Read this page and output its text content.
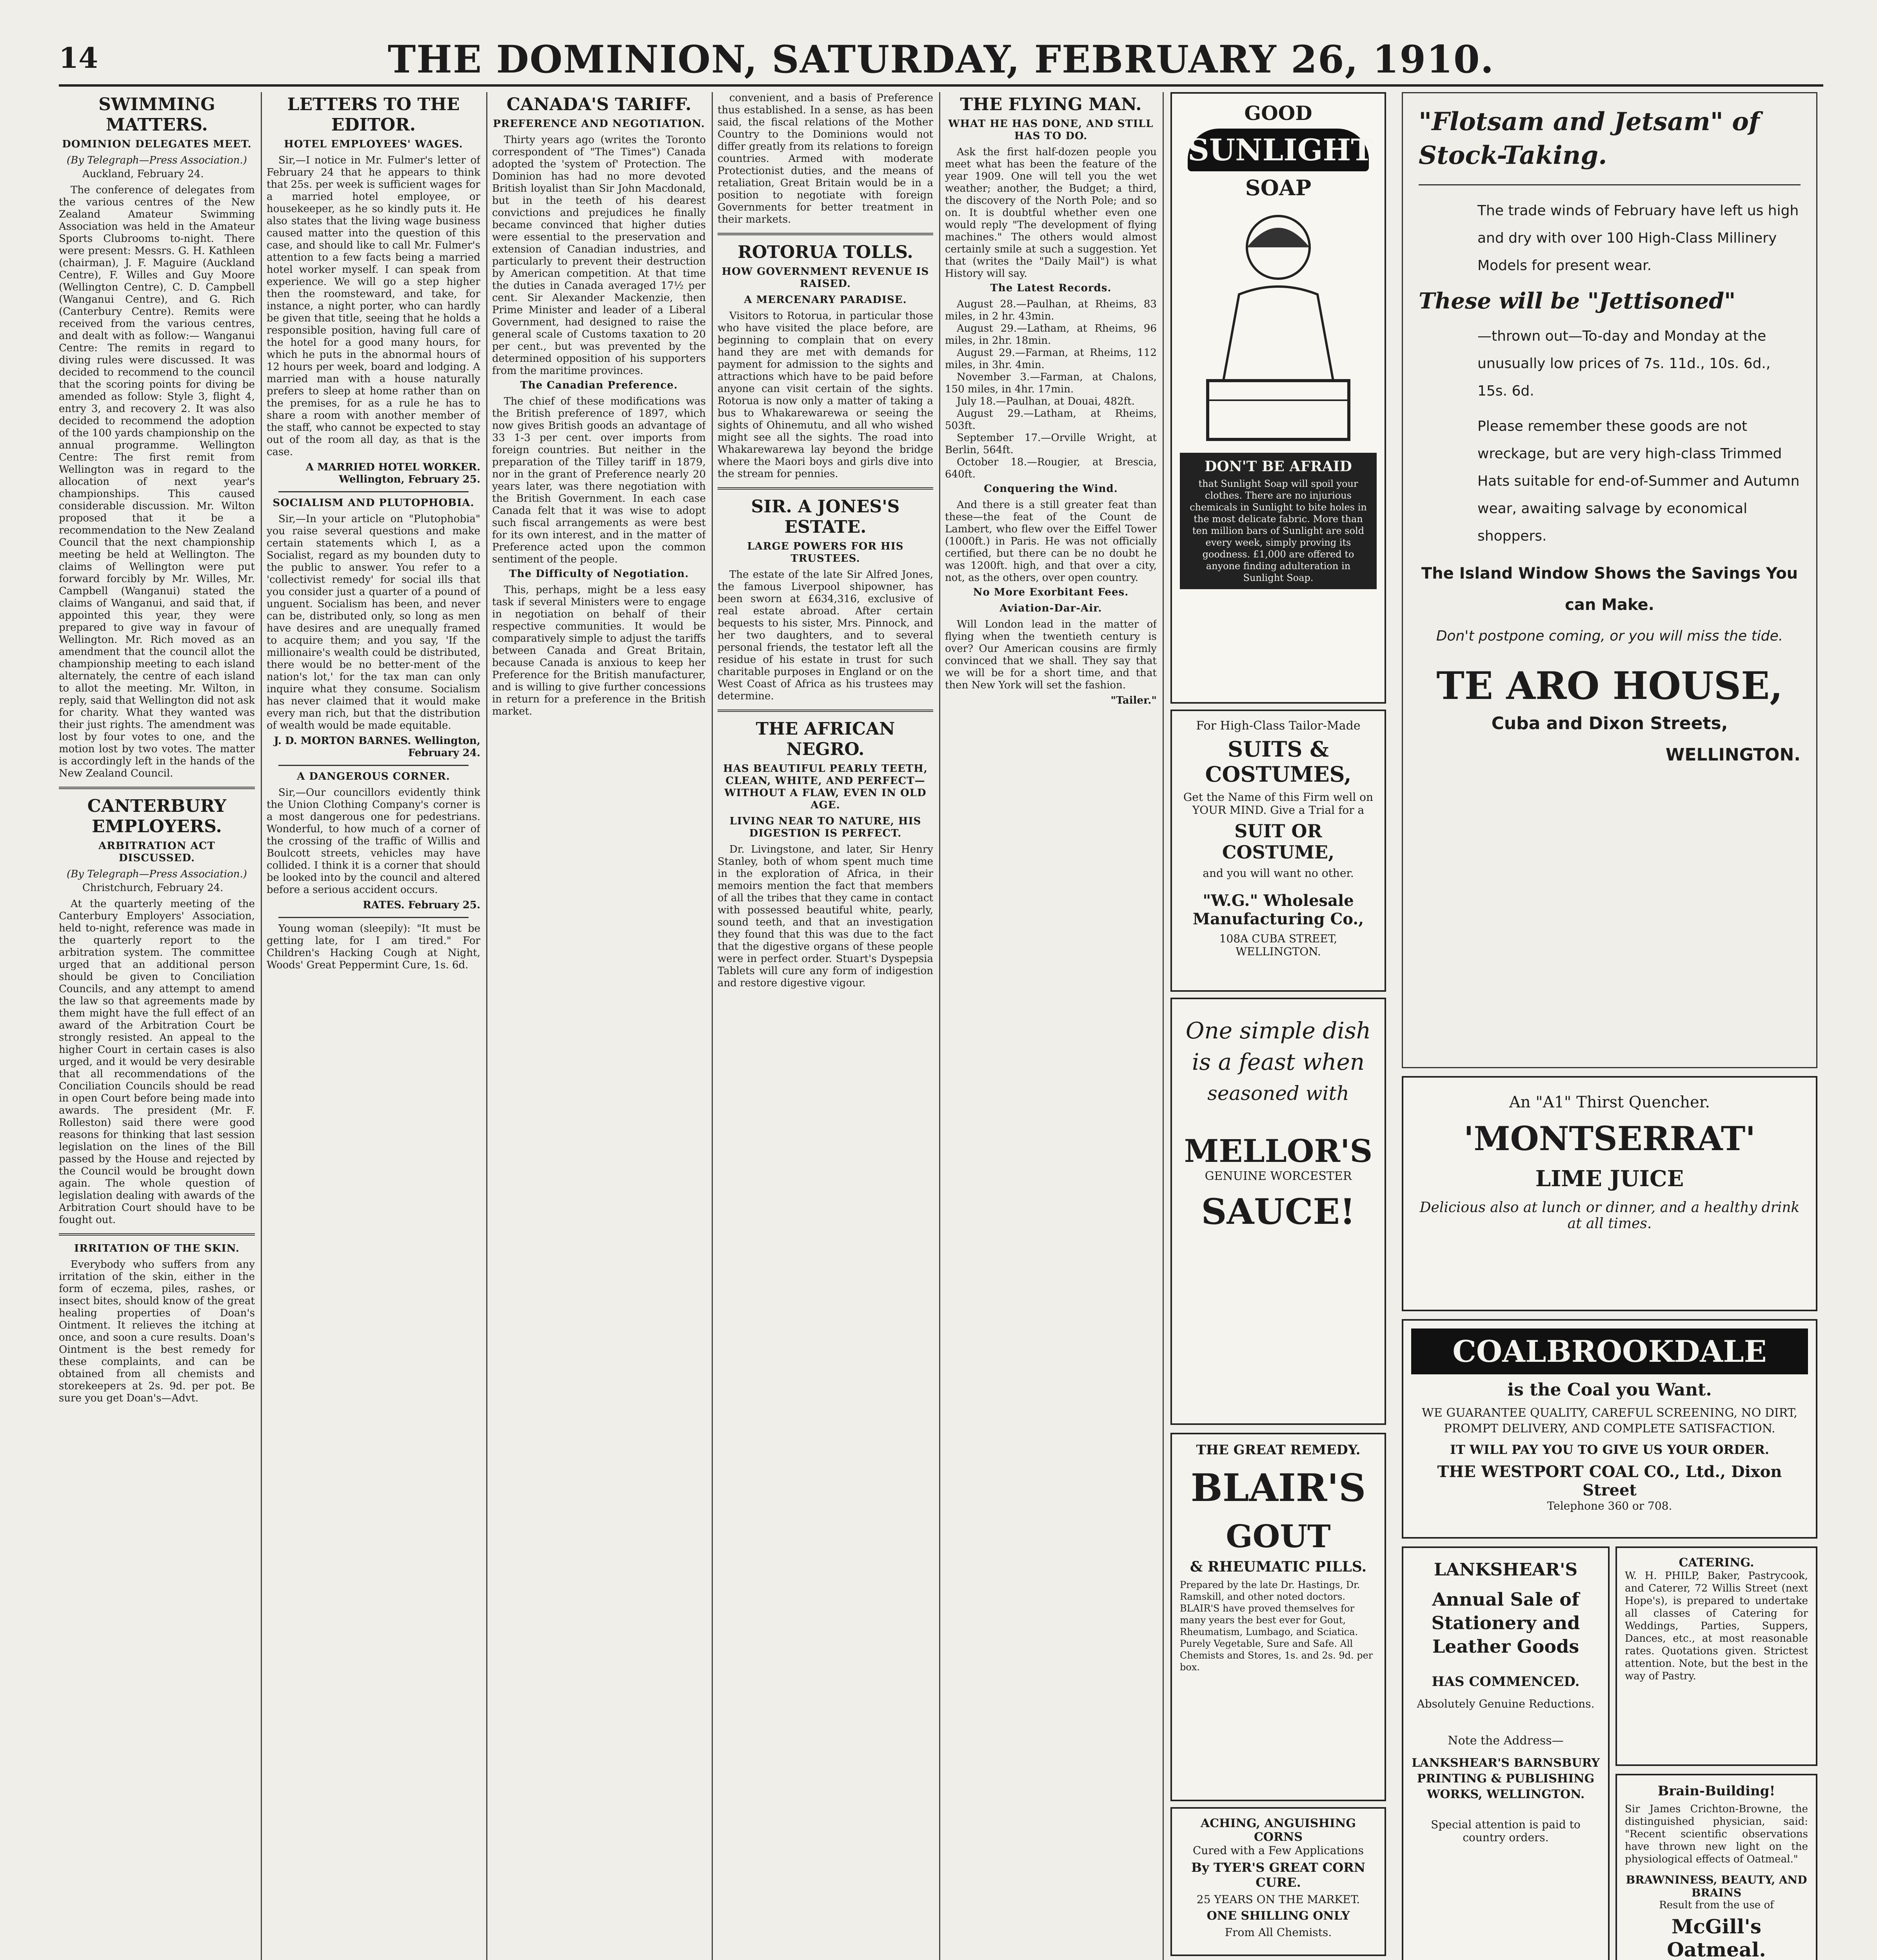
14	THE DOMINION, SATURDAY, FEBRUARY 26, 1910.
SWIMMING MATTERS.
DOMINION DELEGATES MEET.
(By Telegraph—Press Association.)
Auckland, February 24.
The conference of delegates from the various centres of the New Zealand Amateur Swimming Association was held in the Amateur Sports Clubrooms to-night. There were present: Messrs. G. H. Kathleen (chairman), J. F. Maguire (Auckland Centre), F. Willes and Guy Moore (Wellington Centre), C. D. Campbell (Wanganui Centre), and G. Rich (Canterbury Centre). Remits were received from the various centres, and dealt with as follow:— Wanganui Centre: The remits in regard to diving rules were discussed. It was decided to recommend to the council that the scoring points for diving be amended as follow: Style 3, flight 4, entry 3, and recovery 2. It was also decided to recommend the adoption of the 100 yards championship on the annual programme. Wellington Centre: The first remit from Wellington was in regard to the allocation of next year's championships. This caused considerable discussion. Mr. Wilton proposed that it be a recommendation to the New Zealand Council that the next championship meeting be held at Wellington. The claims of Wellington were put forward forcibly by Mr. Willes, Mr. Campbell (Wanganui) stated the claims of Wanganui, and said that, if appointed this year, they were prepared to give way in favour of Wellington. Mr. Rich moved as an amendment that the council allot the championship meeting to each island alternately, the centre of each island to allot the meeting. Mr. Wilton, in reply, said that Wellington did not ask for charity. What they wanted was their just rights. The amendment was lost by four votes to one, and the motion lost by two votes. The matter is accordingly left in the hands of the New Zealand Council.
CANTERBURY EMPLOYERS.
ARBITRATION ACT DISCUSSED.
(By Telegraph—Press Association.)
Christchurch, February 24.
At the quarterly meeting of the Canterbury Employers' Association, held to-night, reference was made in the quarterly report to the arbitration system. The committee urged that an additional person should be given to Conciliation Councils, and any attempt to amend the law so that agreements made by them might have the full effect of an award of the Arbitration Court be strongly resisted. An appeal to the higher Court in certain cases is also urged, and it would be very desirable that all recommendations of the Conciliation Councils should be read in open Court before being made into awards. The president (Mr. F. Rolleston) said there were good reasons for thinking that last session legislation on the lines of the Bill passed by the House and rejected by the Council would be brought down again. The whole question of legislation dealing with awards of the Arbitration Court should have to be fought out.
IRRITATION OF THE SKIN.
Everybody who suffers from any irritation of the skin, either in the form of eczema, piles, rashes, or insect bites, should know of the great healing properties of Doan's Ointment. It relieves the itching at once, and soon a cure results. Doan's Ointment is the best remedy for these complaints, and can be obtained from all chemists and storekeepers at 2s. 9d. per pot. Be sure you get Doan's—Advt.
LETTERS TO THE EDITOR.
HOTEL EMPLOYEES' WAGES.
Sir,—I notice in Mr. Fulmer's letter of February 24 that he appears to think that 25s. per week is sufficient wages for a married hotel employee, or housekeeper, as he so kindly puts it. He also states that the living wage business caused matter into the question of this case, and should like to call Mr. Fulmer's attention to a few facts being a married hotel worker myself. I can speak from experience. We will go a step higher then the roomsteward, and take, for instance, a night porter, who can hardly be given that title, seeing that he holds a responsible position, having full care of the hotel for a good many hours, for which he puts in the abnormal hours of 12 hours per week, board and lodging. A married man with a house naturally prefers to sleep at home rather than on the premises, for as a rule he has to share a room with another member of the staff, who cannot be expected to stay out of the room all day, as that is the case.
A MARRIED HOTEL WORKER. Wellington, February 25.
SOCIALISM AND PLUTOPHOBIA.
Sir,—In your article on "Plutophobia" you raise several questions and make certain statements which I, as a Socialist, regard as my bounden duty to the public to answer. You refer to a 'collectivist remedy' for social ills that you consider just a quarter of a pound of unguent. Socialism has been, and never can be, distributed only, so long as men have desires and are unequally framed to acquire them; and you say, 'If the millionaire's wealth could be distributed, there would be no better-ment of the nation's lot,' for the tax man can only inquire what they consume. Socialism has never claimed that it would make every man rich, but that the distribution of wealth would be made equitable.
J. D. MORTON BARNES. Wellington, February 24.
A DANGEROUS CORNER.
Sir,—Our councillors evidently think the Union Clothing Company's corner is a most dangerous one for pedestrians. Wonderful, to how much of a corner of the crossing of the traffic of Willis and Boulcott streets, vehicles may have collided. I think it is a corner that should be looked into by the council and altered before a serious accident occurs.
RATES. February 25.
Young woman (sleepily): "It must be getting late, for I am tired." For Children's Hacking Cough at Night, Woods' Great Peppermint Cure, 1s. 6d.
CANADA'S TARIFF.
PREFERENCE AND NEGOTIATION.
Thirty years ago (writes the Toronto correspondent of "The Times") Canada adopted the 'system of' Protection. The Dominion has had no more devoted British loyalist than Sir John Macdonald, but in the teeth of his dearest convictions and prejudices he finally became convinced that higher duties were essential to the preservation and extension of Canadian industries, and particularly to prevent their destruction by American competition. At that time the duties in Canada averaged 17½ per cent. Sir Alexander Mackenzie, then Prime Minister and leader of a Liberal Government, had designed to raise the general scale of Customs taxation to 20 per cent., but was prevented by the determined opposition of his supporters from the maritime provinces.
The Canadian Preference.
The chief of these modifications was the British preference of 1897, which now gives British goods an advantage of 33 1-3 per cent. over imports from foreign countries. But neither in the preparation of the Tilley tariff in 1879, nor in the grant of Preference nearly 20 years later, was there negotiation with the British Government. In each case Canada felt that it was wise to adopt such fiscal arrangements as were best for its own interest, and in the matter of Preference acted upon the common sentiment of the people.
The Difficulty of Negotiation.
This, perhaps, might be a less easy task if several Ministers were to engage in negotiation on behalf of their respective communities. It would be comparatively simple to adjust the tariffs between Canada and Great Britain, because Canada is anxious to keep her Preference for the British manufacturer, and is willing to give further concessions in return for a preference in the British market.
convenient, and a basis of Preference thus established. In a sense, as has been said, the fiscal relations of the Mother Country to the Dominions would not differ greatly from its relations to foreign countries. Armed with moderate Protectionist duties, and the means of retaliation, Great Britain would be in a position to negotiate with foreign Governments for better treatment in their markets.
ROTORUA TOLLS.
HOW GOVERNMENT REVENUE IS RAISED.
A MERCENARY PARADISE.
Visitors to Rotorua, in particular those who have visited the place before, are beginning to complain that on every hand they are met with demands for payment for admission to the sights and attractions which have to be paid before anyone can visit certain of the sights. Rotorua is now only a matter of taking a bus to Whakarewarewa or seeing the sights of Ohinemutu, and all who wished might see all the sights. The road into Whakarewarewa lay beyond the bridge where the Maori boys and girls dive into the stream for pennies.
SIR. A JONES'S ESTATE.
LARGE POWERS FOR HIS TRUSTEES.
The estate of the late Sir Alfred Jones, the famous Liverpool shipowner, has been sworn at £634,316, exclusive of real estate abroad. After certain bequests to his sister, Mrs. Pinnock, and her two daughters, and to several personal friends, the testator left all the residue of his estate in trust for such charitable purposes in England or on the West Coast of Africa as his trustees may determine.
THE AFRICAN NEGRO.
HAS BEAUTIFUL PEARLY TEETH, CLEAN, WHITE, AND PERFECT—WITHOUT A FLAW, EVEN IN OLD AGE.
LIVING NEAR TO NATURE, HIS DIGESTION IS PERFECT.
Dr. Livingstone, and later, Sir Henry Stanley, both of whom spent much time in the exploration of Africa, in their memoirs mention the fact that members of all the tribes that they came in contact with possessed beautiful white, pearly, sound teeth, and that an investigation they found that this was due to the fact that the digestive organs of these people were in perfect order. Stuart's Dyspepsia Tablets will cure any form of indigestion and restore digestive vigour.
THE FLYING MAN.
WHAT HE HAS DONE, AND STILL HAS TO DO.
Ask the first half-dozen people you meet what has been the feature of the year 1909. One will tell you the wet weather; another, the Budget; a third, the discovery of the North Pole; and so on. It is doubtful whether even one would reply "The development of flying machines." The others would almost certainly smile at such a suggestion. Yet that (writes the "Daily Mail") is what History will say.
The Latest Records.
August 28.—Paulhan, at Rheims, 83 miles, in 2 hr. 43min.
August 29.—Latham, at Rheims, 96 miles, in 2hr. 18min.
August 29.—Farman, at Rheims, 112 miles, in 3hr. 4min.
November 3.—Farman, at Chalons, 150 miles, in 4hr. 17min.
July 18.—Paulhan, at Douai, 482ft.
August 29.—Latham, at Rheims, 503ft.
September 17.—Orville Wright, at Berlin, 564ft.
October 18.—Rougier, at Brescia, 640ft.
Conquering the Wind.
And there is a still greater feat than these—the feat of the Count de Lambert, who flew over the Eiffel Tower (1000ft.) in Paris. He was not officially certified, but there can be no doubt he was 1200ft. high, and that over a city, not, as the others, over open country.
No More Exorbitant Fees.
Aviation-Dar-Air.
Will London lead in the matter of flying when the twentieth century is over? Our American cousins are firmly convinced that we shall. They say that we will be for a short time, and that then New York will set the fashion.
"Tailer."
GOOD
SUNLIGHT
SOAP
DON'T BE AFRAID
that Sunlight Soap will spoil your clothes. There are no injurious chemicals in Sunlight to bite holes in the most delicate fabric. More than ten million bars of Sunlight are sold every week, simply proving its goodness. £1,000 are offered to anyone finding adulteration in Sunlight Soap.
For High-Class Tailor-Made
SUITS & COSTUMES,
Get the Name of this Firm well on YOUR MIND. Give a Trial for a
SUIT OR COSTUME,
and you will want no other.
"W.G." Wholesale Manufacturing Co.,
108A CUBA STREET, WELLINGTON.
One simple dish
is a feast when
seasoned with
MELLOR'S
GENUINE WORCESTER
SAUCE!
THE GREAT REMEDY.
BLAIR'S
GOUT
& RHEUMATIC PILLS.
Prepared by the late Dr. Hastings, Dr. Ramskill, and other noted doctors. BLAIR'S have proved themselves for many years the best ever for Gout, Rheumatism, Lumbago, and Sciatica. Purely Vegetable, Sure and Safe. All Chemists and Stores, 1s. and 2s. 9d. per box.
ACHING, ANGUISHING CORNS
Cured with a Few Applications
By TYER'S GREAT CORN CURE.
25 YEARS ON THE MARKET.
ONE SHILLING ONLY
From All Chemists.
"Flotsam and Jetsam" of Stock-Taking.
The trade winds of February have left us high and dry with over 100 High-Class Millinery Models for present wear.
These will be "Jettisoned"
—thrown out—To-day and Monday at the unusually low prices of 7s. 11d., 10s. 6d., 15s. 6d.
Please remember these goods are not wreckage, but are very high-class Trimmed Hats suitable for end-of-Summer and Autumn wear, awaiting salvage by economical shoppers.
The Island Window Shows the Savings You can Make.
Don't postpone coming, or you will miss the tide.
TE ARO HOUSE,
Cuba and Dixon Streets,
WELLINGTON.
An "A1" Thirst Quencher.
'MONTSERRAT'
LIME JUICE
Delicious also at lunch or dinner, and a healthy drink at all times.
COALBROOKDALE
is the Coal you Want.
WE GUARANTEE QUALITY, CAREFUL SCREENING, NO DIRT, PROMPT DELIVERY, AND COMPLETE SATISFACTION.
IT WILL PAY YOU TO GIVE US YOUR ORDER.
THE WESTPORT COAL CO., Ltd., Dixon Street
Telephone 360 or 708.
LANKSHEAR'S
Annual Sale of Stationery and Leather Goods
HAS COMMENCED.
Absolutely Genuine Reductions.
Note the Address—
LANKSHEAR'S BARNSBURY PRINTING & PUBLISHING WORKS, WELLINGTON.
Special attention is paid to country orders.
CATERING.
W. H. PHILP, Baker, Pastrycook, and Caterer, 72 Willis Street (next Hope's), is prepared to undertake all classes of Catering for Weddings, Parties, Suppers, Dances, etc., at most reasonable rates. Quotations given. Strictest attention. Note, but the best in the way of Pastry.
Brain-Building!
Sir James Crichton-Browne, the distinguished physician, said: "Recent scientific observations have thrown new light on the physiological effects of Oatmeal."
BRAWNINESS, BEAUTY, AND BRAINS
Result from the use of
McGill's Oatmeal.
